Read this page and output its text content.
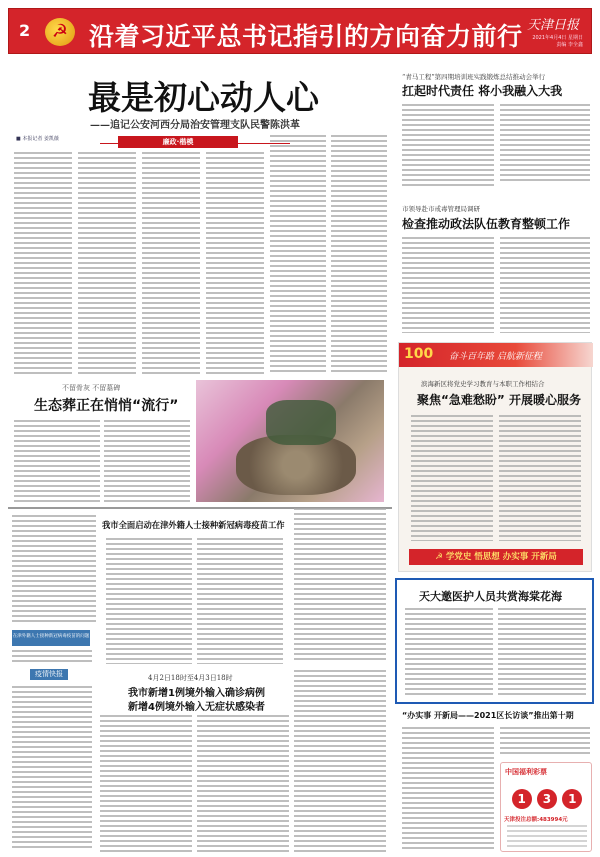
2	☭ 沿着习近平总书记指引的方向奋力前行 天津日报
2021年4月4日 星期日
责编 李全鑫
最是初心动人心
——追记公安河西分局治安管理支队民警陈洪革
■ 本报记者 姜凯薇	廉政·楷模
不留骨灰 不留墓碑
生态葬正在悄悄“流行”
在津外籍人士接种新冠病毒疫苗的问题
疫情快报
我市全面启动在津外籍人士接种新冠病毒疫苗工作
4月2日18时至4月3日18时
我市新增1例境外输入确诊病例
新增4例境外输入无症状感染者
“青马工程”第四期培训班实践锻炼总结推动会举行
扛起时代责任 将小我融入大我
市领导赴市戒毒管理局调研
检查推动政法队伍教育整顿工作
100 奋斗百年路 启航新征程
滨海新区将党史学习教育与本职工作相结合
聚焦“急难愁盼” 开展暖心服务
☭ 学党史 悟思想 办实事 开新局
天大邀医护人员共赏海棠花海
“办实事 开新局——2021区长访谈”推出第十期
中国福利彩票
1	3	1
天津投注总额:483994元
